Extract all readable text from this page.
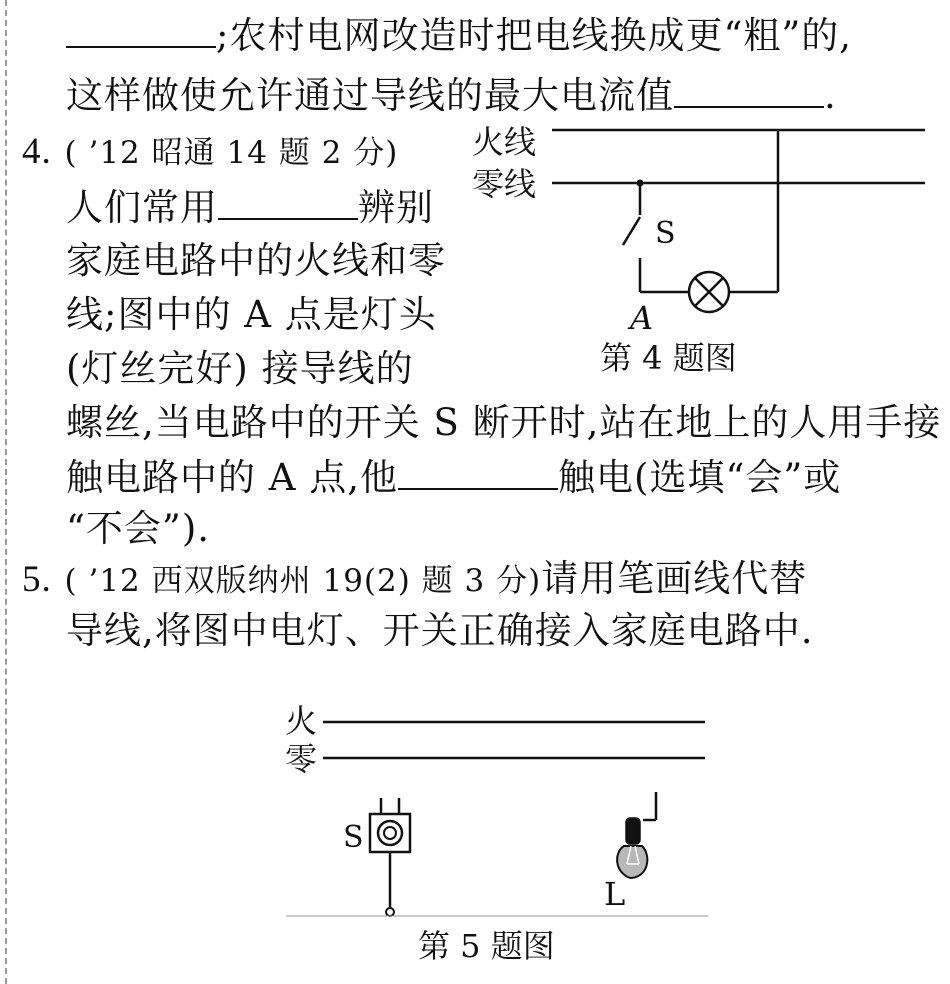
;农村电网改造时把电线换成更“粗”的,
这样做使允许通过导线的最大电流值	.
4. ( ’12 昭通 14 题 2 分)
人们常用	辨别
家庭电路中的火线和零
线;图中的 A 点是灯头
(灯丝完好) 接导线的
螺丝,当电路中的开关 S 断开时,站在地上的人用手接
触电路中的 A 点,他	触电(选填“会”或
“不会”).
火线
零线
S
A
第 4 题图
5. ( ’12 西双版纳州 19(2) 题 3 分)请用笔画线代替
导线,将图中电灯、开关正确接入家庭电路中.
火
零
S
L
第 5 题图
